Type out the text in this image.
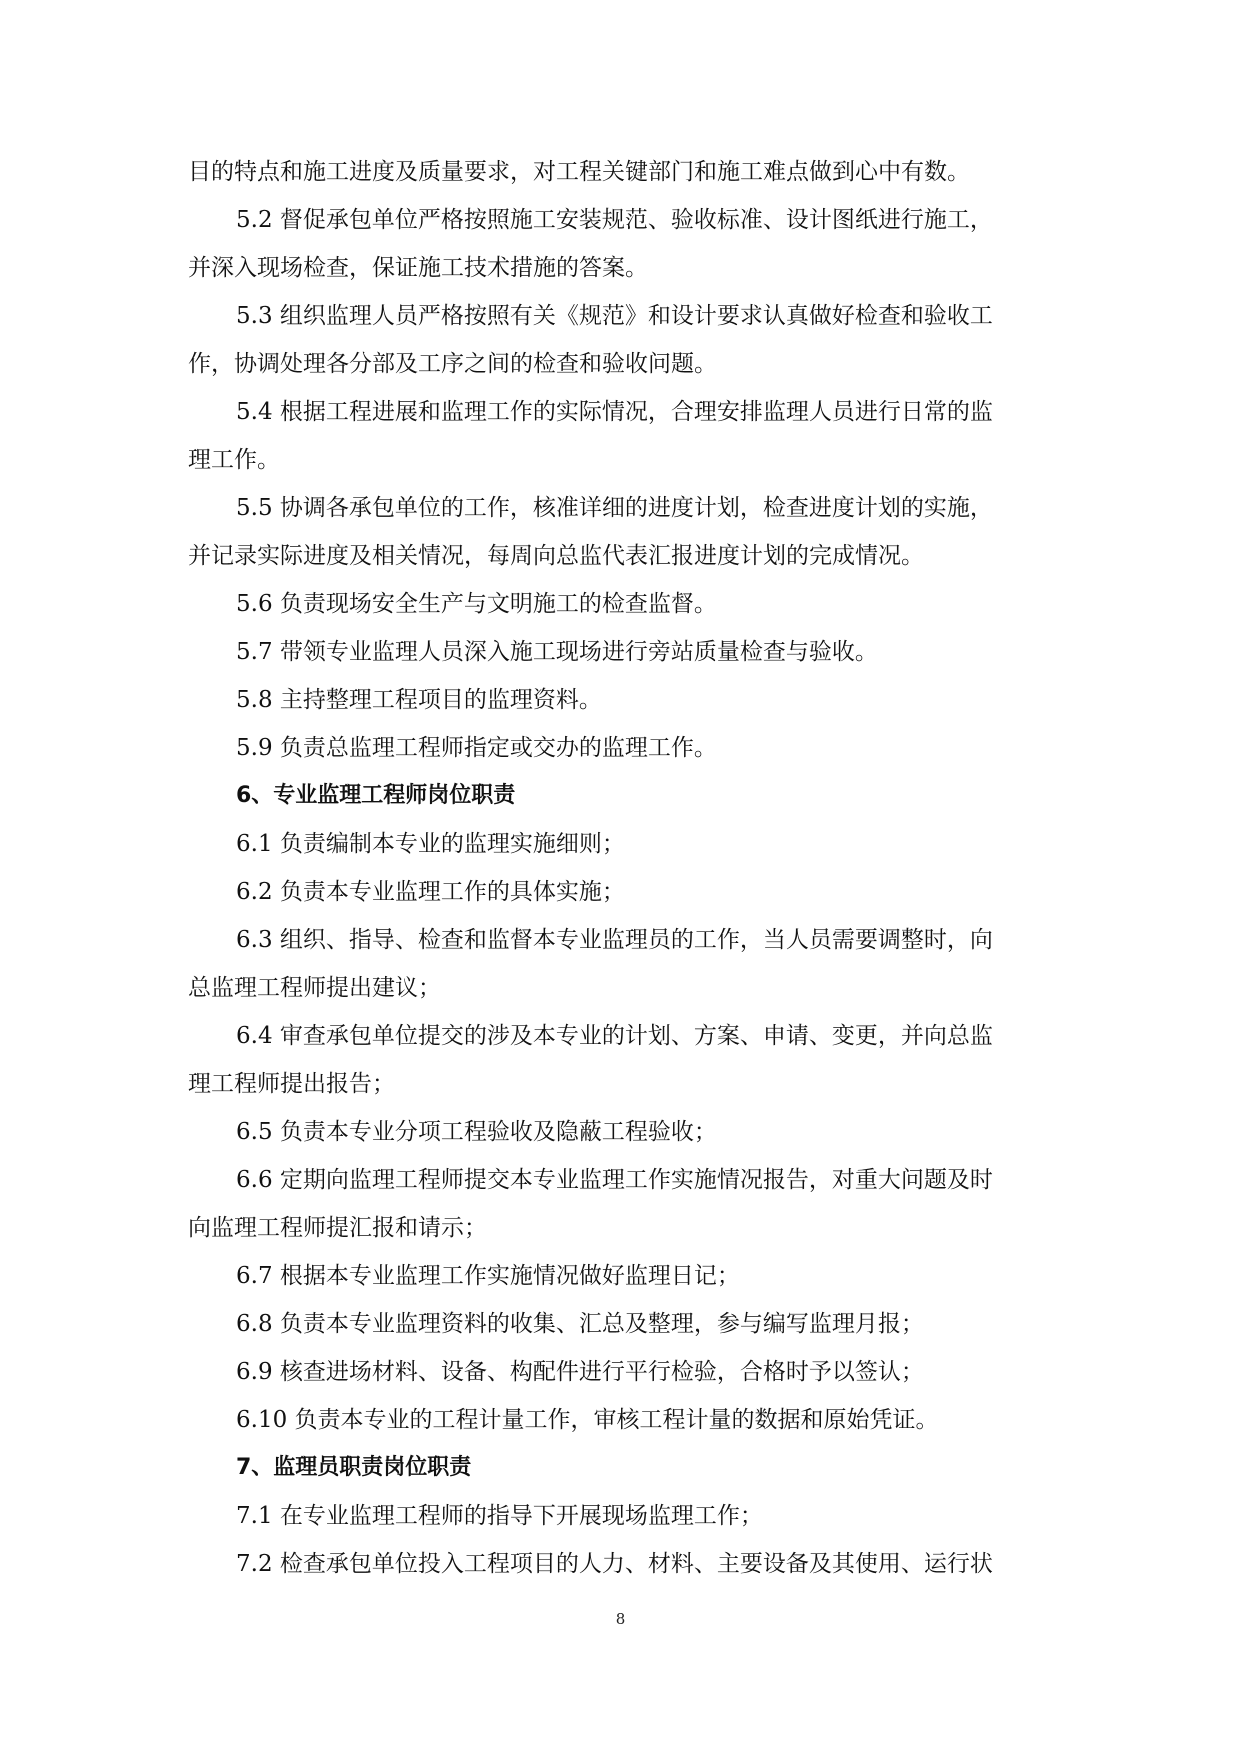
目的特点和施工进度及质量要求，对工程关键部门和施工难点做到心中有数。
5.2 督促承包单位严格按照施工安装规范、验收标准、设计图纸进行施工，
并深入现场检查，保证施工技术措施的答案。
5.3 组织监理人员严格按照有关《规范》和设计要求认真做好检查和验收工
作，协调处理各分部及工序之间的检查和验收问题。
5.4 根据工程进展和监理工作的实际情况，合理安排监理人员进行日常的监
理工作。
5.5 协调各承包单位的工作，核准详细的进度计划，检查进度计划的实施，
并记录实际进度及相关情况，每周向总监代表汇报进度计划的完成情况。
5.6 负责现场安全生产与文明施工的检查监督。
5.7 带领专业监理人员深入施工现场进行旁站质量检查与验收。
5.8 主持整理工程项目的监理资料。
5.9 负责总监理工程师指定或交办的监理工作。
6、专业监理工程师岗位职责
6.1 负责编制本专业的监理实施细则；
6.2 负责本专业监理工作的具体实施；
6.3 组织、指导、检查和监督本专业监理员的工作，当人员需要调整时，向
总监理工程师提出建议；
6.4 审查承包单位提交的涉及本专业的计划、方案、申请、变更，并向总监
理工程师提出报告；
6.5 负责本专业分项工程验收及隐蔽工程验收；
6.6 定期向监理工程师提交本专业监理工作实施情况报告，对重大问题及时
向监理工程师提汇报和请示；
6.7 根据本专业监理工作实施情况做好监理日记；
6.8 负责本专业监理资料的收集、汇总及整理，参与编写监理月报；
6.9 核查进场材料、设备、构配件进行平行检验，合格时予以签认；
6.10 负责本专业的工程计量工作，审核工程计量的数据和原始凭证。
7、监理员职责岗位职责
7.1 在专业监理工程师的指导下开展现场监理工作；
7.2 检查承包单位投入工程项目的人力、材料、主要设备及其使用、运行状
8
